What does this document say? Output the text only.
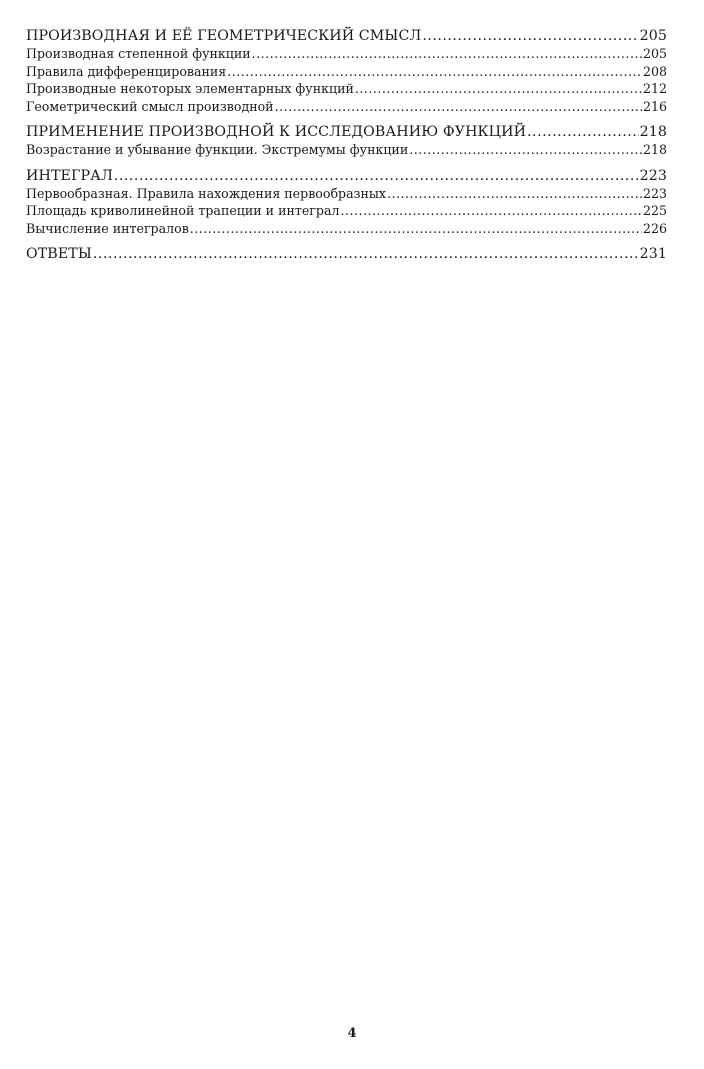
ПРОИЗВОДНАЯ И ЕЁ ГЕОМЕТРИЧЕСКИЙ СМЫСЛ .....	205
Производная степенной функции .....	205
Правила дифференцирования .....	208
Производные некоторых элементарных функций .....	212
Геометрический смысл производной .....	216
ПРИМЕНЕНИЕ ПРОИЗВОДНОЙ К ИССЛЕДОВАНИЮ ФУНКЦИЙ .....	218
Возрастание и убывание функции. Экстремумы функции .....	218
ИНТЕГРАЛ .....	223
Первообразная. Правила нахождения первообразных .....	223
Площадь криволинейной трапеции и интеграл .....	225
Вычисление интегралов .....	226
ОТВЕТЫ .....	231
4
